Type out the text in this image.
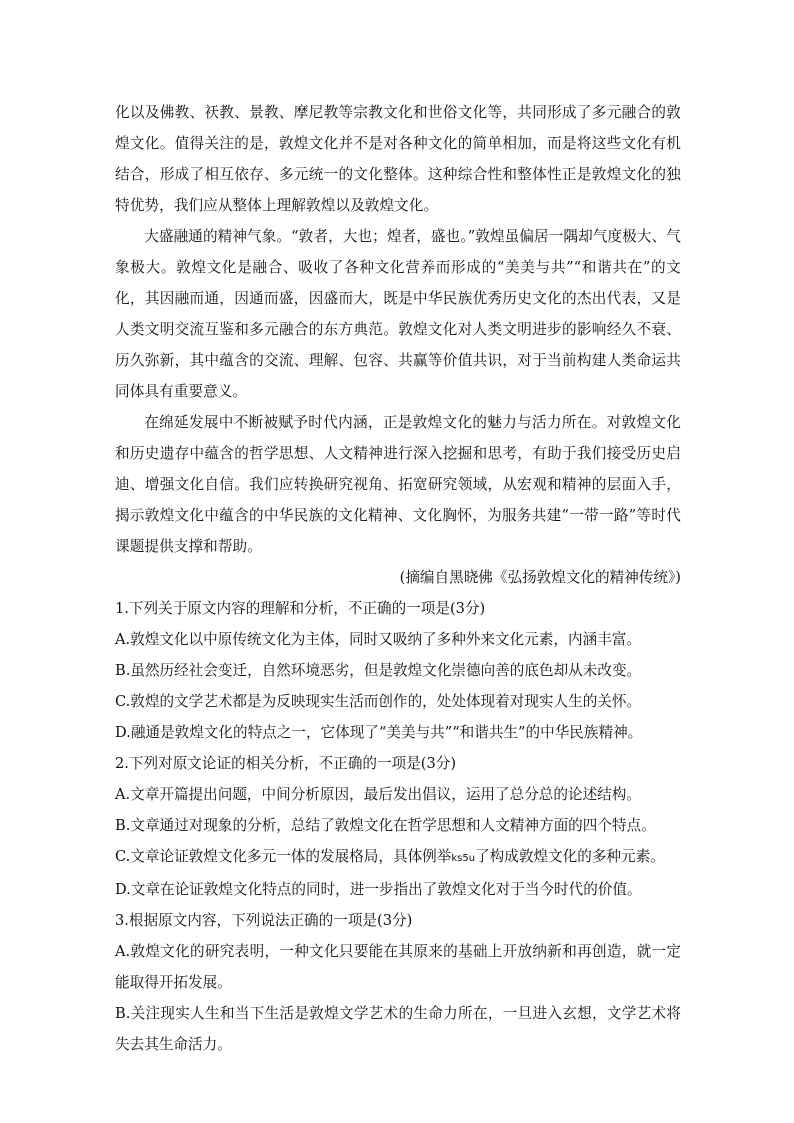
化以及佛教、祆教、景教、摩尼教等宗教文化和世俗文化等，共同形成了多元融合的敦煌文化。值得关注的是，敦煌文化并不是对各种文化的简单相加，而是将这些文化有机结合，形成了相互依存、多元统一的文化整体。这种综合性和整体性正是敦煌文化的独特优势，我们应从整体上理解敦煌以及敦煌文化。

大盛融通的精神气象。“敦者，大也；煌者，盛也。”敦煌虽偏居一隅却气度极大、气象极大。敦煌文化是融合、吸收了各种文化营养而形成的“美美与共”“和谐共在”的文化，其因融而通，因通而盛，因盛而大，既是中华民族优秀历史文化的杰出代表，又是人类文明交流互鉴和多元融合的东方典范。敦煌文化对人类文明进步的影响经久不衰、历久弥新，其中蕴含的交流、理解、包容、共赢等价值共识，对于当前构建人类命运共同体具有重要意义。

在绵延发展中不断被赋予时代内涵，正是敦煌文化的魅力与活力所在。对敦煌文化和历史遗存中蕴含的哲学思想、人文精神进行深入挖掘和思考，有助于我们接受历史启迪、增强文化自信。我们应转换研究视角、拓宽研究领域，从宏观和精神的层面入手，揭示敦煌文化中蕴含的中华民族的文化精神、文化胸怀，为服务共建“一带一路”等时代课题提供支撑和帮助。

(摘编自黑晓佛《弘扬敦煌文化的精神传统》)

1.下列关于原文内容的理解和分析，不正确的一项是(3分)

A.敦煌文化以中原传统文化为主体，同时又吸纳了多种外来文化元素，内涵丰富。

B.虽然历经社会变迁，自然环境恶劣，但是敦煌文化崇德向善的底色却从未改变。

C.敦煌的文学艺术都是为反映现实生活而创作的，处处体现着对现实人生的关怀。

D.融通是敦煌文化的特点之一，它体现了“美美与共”“和谐共生”的中华民族精神。

2.下列对原文论证的相关分析，不正确的一项是(3分)

A.文章开篇提出问题，中间分析原因，最后发出倡议，运用了总分总的论述结构。

B.文章通过对现象的分析，总结了敦煌文化在哲学思想和人文精神方面的四个特点。

C.文章论证敦煌文化多元一体的发展格局，具体例举ks5u了构成敦煌文化的多种元素。

D.文章在论证敦煌文化特点的同时，进一步指出了敦煌文化对于当今时代的价值。

3.根据原文内容，下列说法正确的一项是(3分)

A.敦煌文化的研究表明，一种文化只要能在其原来的基础上开放纳新和再创造，就一定能取得开拓发展。

B.关注现实人生和当下生活是敦煌文学艺术的生命力所在，一旦进入玄想，文学艺术将失去其生命活力。
